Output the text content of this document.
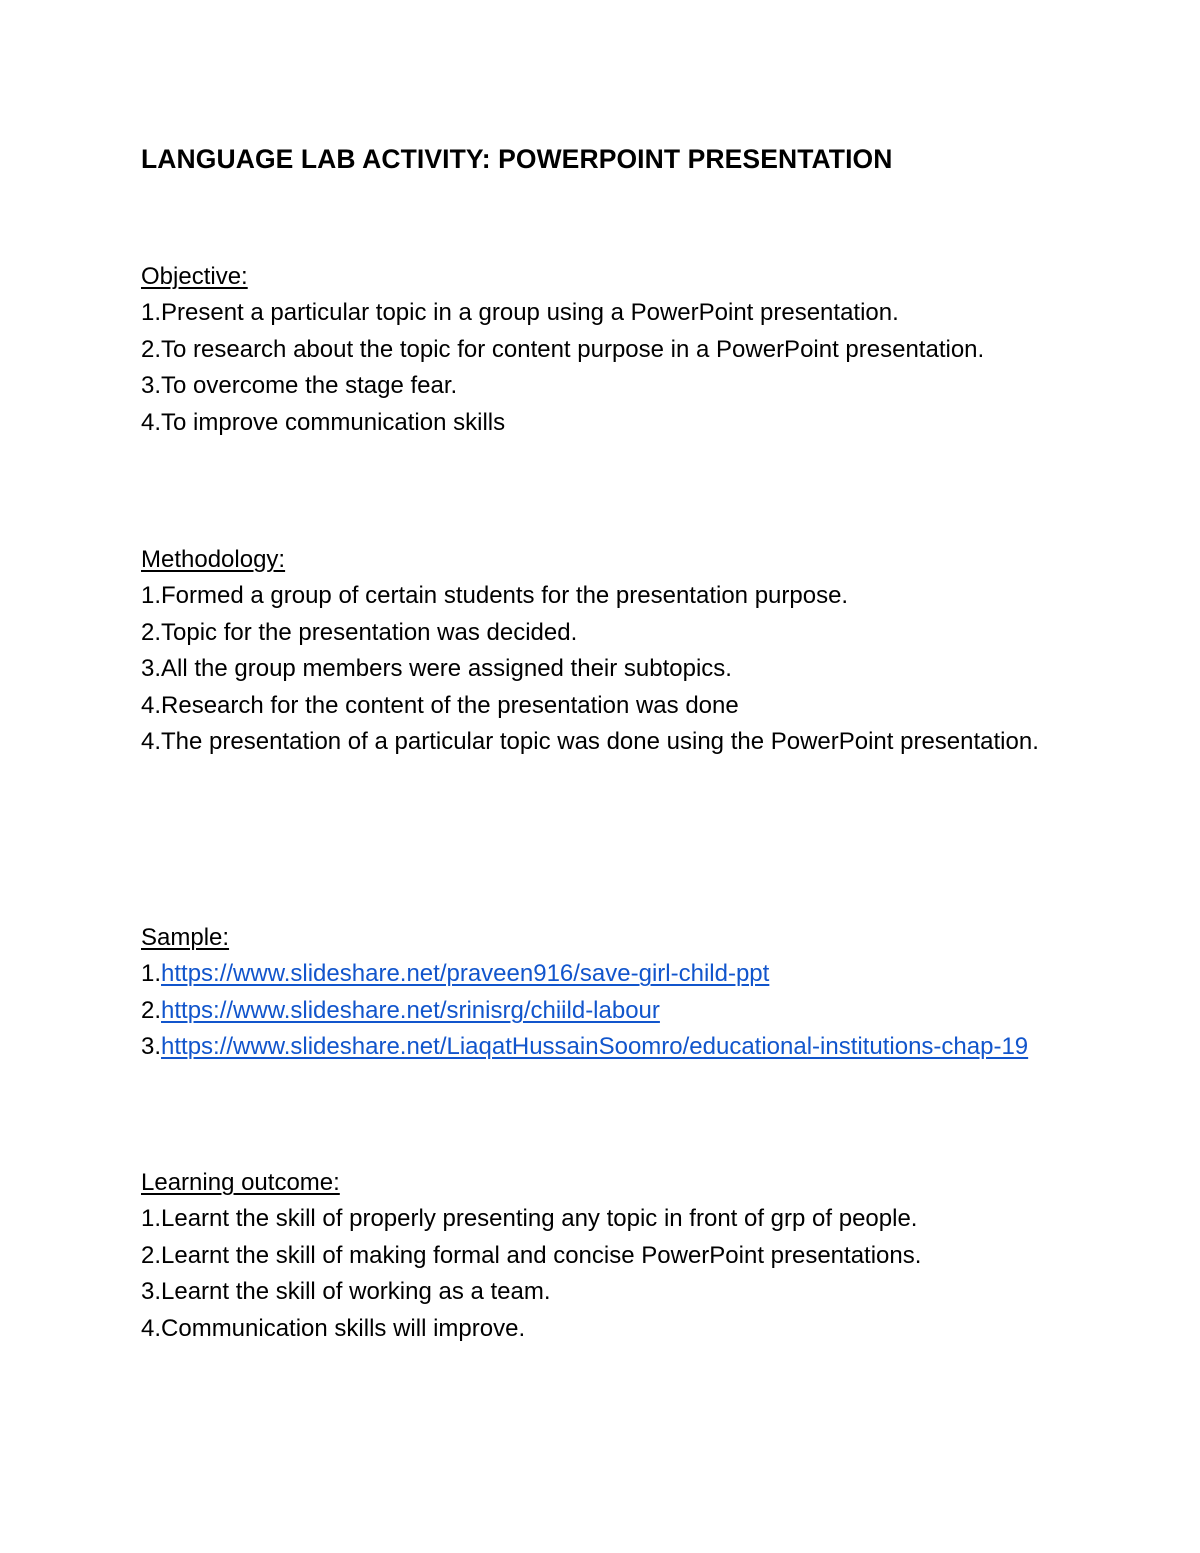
LANGUAGE LAB ACTIVITY: POWERPOINT PRESENTATION
Objective:
1.Present a particular topic in a group using a PowerPoint presentation.
2.To research about the topic for content purpose in a PowerPoint presentation.
3.To overcome the stage fear.
4.To improve communication skills
Methodology:
1.Formed a group of certain students for the presentation purpose.
2.Topic for the presentation was decided.
3.All the group members were assigned their subtopics.
4.Research for the content of the presentation was done
4.The presentation of a particular topic was done using the PowerPoint presentation.
Sample:
1.https://www.slideshare.net/praveen916/save-girl-child-ppt
2.https://www.slideshare.net/srinisrg/chiild-labour
3.https://www.slideshare.net/LiaqatHussainSoomro/educational-institutions-chap-19
Learning outcome:
1.Learnt the skill of properly presenting any topic in front of grp of people.
2.Learnt the skill of making formal and concise PowerPoint presentations.
3.Learnt the skill of working as a team.
4.Communication skills will improve.
